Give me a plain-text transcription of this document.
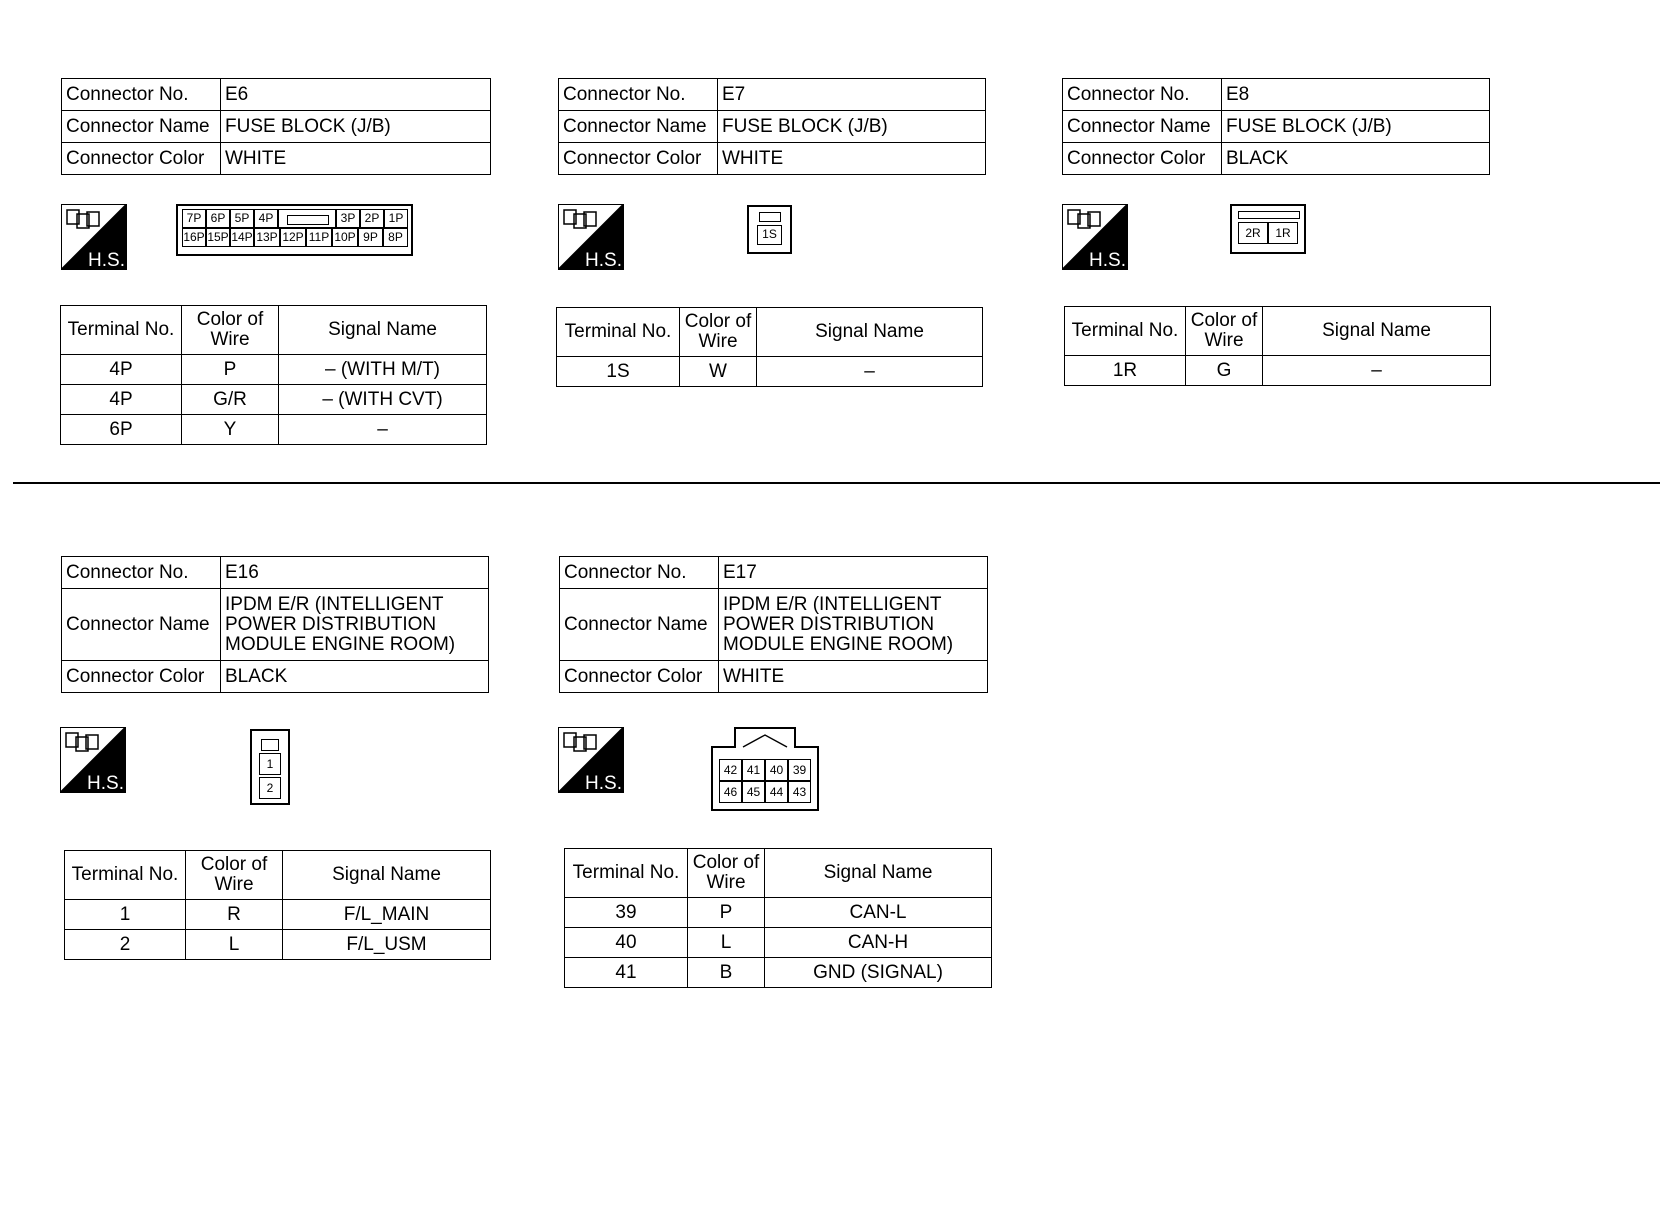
Connector No.	E6
Connector Name	FUSE BLOCK (J/B)
Connector Color	WHITE
H.S.
7P 6P 5P 4P	3P 2P 1P
16P 15P 14P 13P 12P 11P 10P 9P 8P
Terminal No.	Color of Wire	Signal Name
4P	P	– (WITH M/T)
4P	G/R	– (WITH CVT)
6P	Y	–
Connector No.	E7
Connector Name	FUSE BLOCK (J/B)
Connector Color	WHITE
H.S.
1S
Terminal No.	Color of Wire	Signal Name
1S	W	–
Connector No.	E8
Connector Name	FUSE BLOCK (J/B)
Connector Color	BLACK
H.S.
2R	1R
Terminal No.	Color of Wire	Signal Name
1R	G	–
Connector No.	E16
Connector Name	IPDM E/R (INTELLIGENT POWER DISTRIBUTION MODULE ENGINE ROOM)
Connector Color	BLACK
H.S.
1
2
Terminal No.	Color of Wire	Signal Name
1	R	F/L_MAIN
2	L	F/L_USM
Connector No.	E17
Connector Name	IPDM E/R (INTELLIGENT POWER DISTRIBUTION MODULE ENGINE ROOM)
Connector Color	WHITE
H.S.
42 41 40 39
46 45 44 43
Terminal No.	Color of Wire	Signal Name
39	P	CAN-L
40	L	CAN-H
41	B	GND (SIGNAL)
